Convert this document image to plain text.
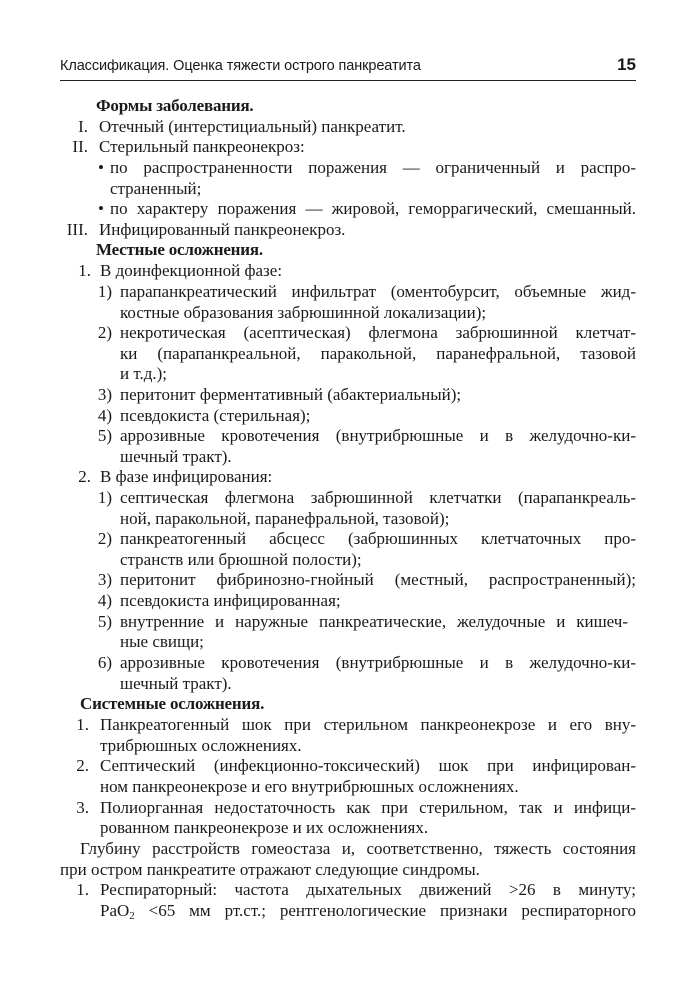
Классификация. Оценка тяжести острого панкреатита	15
Формы заболевания.
I. Отечный (интерстициальный) панкреатит.
II. Стерильный панкреонекроз:
• по распространенности поражения — ограниченный и распро-
страненный;
• по характеру поражения — жировой, геморрагический, смешанный.
III. Инфицированный панкреонекроз.
Местные осложнения.
1. В доинфекционной фазе:
1) парапанкреатический инфильтрат (оментобурсит, объемные жид-
костные образования забрюшинной локализации);
2) некротическая (асептическая) флегмона забрюшинной клетчат-
ки (парапанкреальной, паракольной, паранефральной, тазовой
и т.д.);
3) перитонит ферментативный (абактериальный);
4) псевдокиста (стерильная);
5) аррозивные кровотечения (внутрибрюшные и в желудочно-ки-
шечный тракт).
2. В фазе инфицирования:
1) септическая флегмона забрюшинной клетчатки (парапанкреаль-
ной, паракольной, паранефральной, тазовой);
2) панкреатогенный абсцесс (забрюшинных клетчаточных про-
странств или брюшной полости);
3) перитонит фибринозно-гнойный (местный, распространенный);
4) псевдокиста инфицированная;
5) внутренние и наружные панкреатические, желудочные и кишеч-
ные свищи;
6) аррозивные кровотечения (внутрибрюшные и в желудочно-ки-
шечный тракт).
Системные осложнения.
1. Панкреатогенный шок при стерильном панкреонекрозе и его вну-
трибрюшных осложнениях.
2. Септический (инфекционно-токсический) шок при инфицирован-
ном панкреонекрозе и его внутрибрюшных осложнениях.
3. Полиорганная недостаточность как при стерильном, так и инфици-
рованном панкреонекрозе и их осложнениях.
Глубину расстройств гомеостаза и, соответственно, тяжесть состояния
при остром панкреатите отражают следующие синдромы.
1. Респираторный: частота дыхательных движений >26 в минуту;
PaO$_2$ <65 мм рт.ст.; рентгенологические признаки респираторного
